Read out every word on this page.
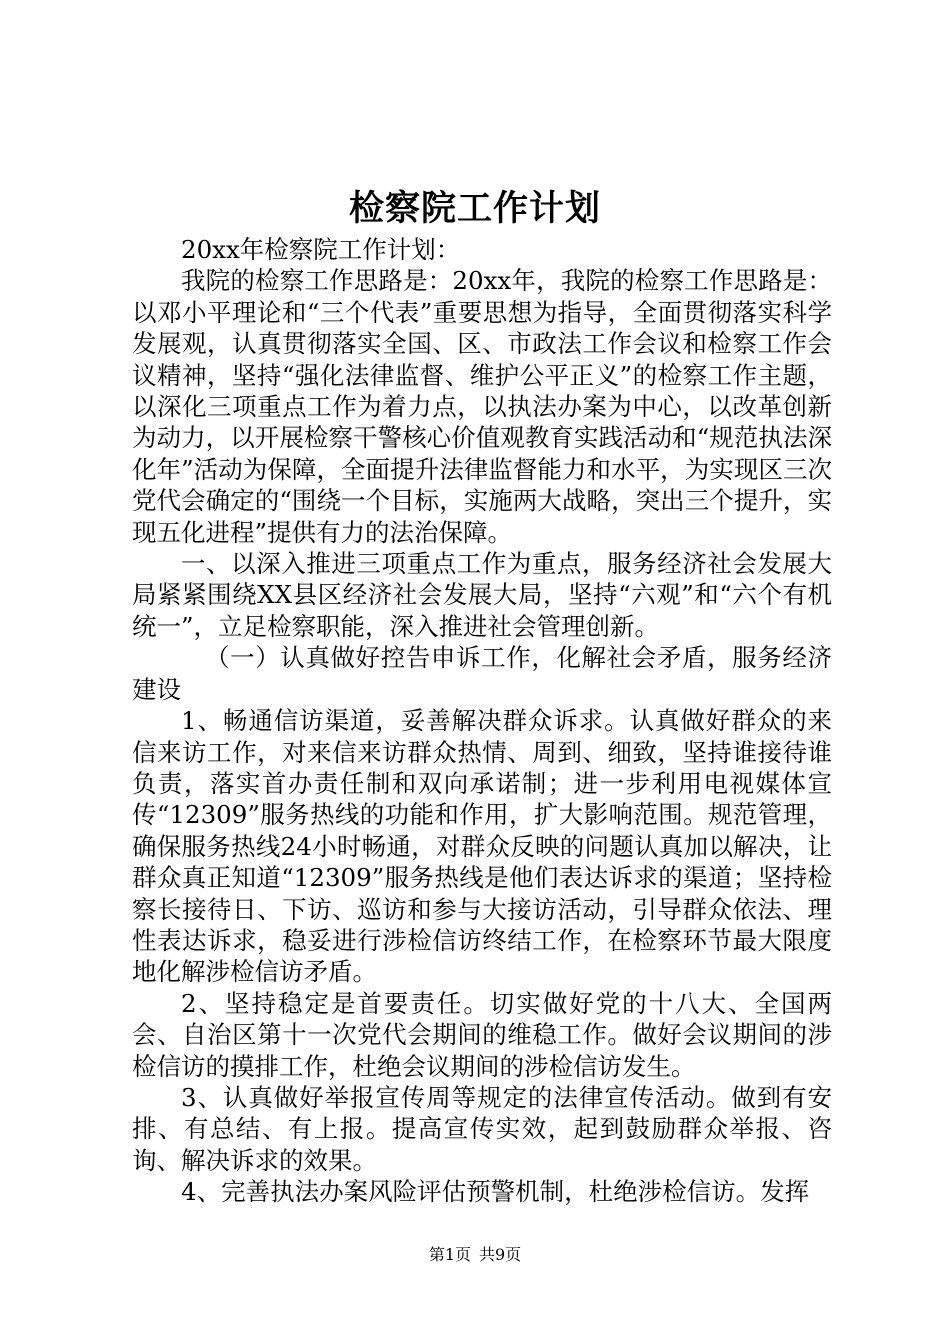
检察院工作计划

20xx年检察院工作计划：

我院的检察工作思路是：20xx年，我院的检察工作思路是：以邓小平理论和“三个代表”重要思想为指导，全面贯彻落实科学发展观，认真贯彻落实全国、区、市政法工作会议和检察工作会议精神，坚持“强化法律监督、维护公平正义”的检察工作主题，以深化三项重点工作为着力点，以执法办案为中心，以改革创新为动力，以开展检察干警核心价值观教育实践活动和“规范执法深化年”活动为保障，全面提升法律监督能力和水平，为实现区三次党代会确定的“围绕一个目标，实施两大战略，突出三个提升，实现五化进程”提供有力的法治保障。

一、以深入推进三项重点工作为重点，服务经济社会发展大局紧紧围绕XX县区经济社会发展大局，坚持“六观”和“六个有机统一”，立足检察职能，深入推进社会管理创新。

（一）认真做好控告申诉工作，化解社会矛盾，服务经济建设

1、畅通信访渠道，妥善解决群众诉求。认真做好群众的来信来访工作，对来信来访群众热情、周到、细致，坚持谁接待谁负责，落实首办责任制和双向承诺制；进一步利用电视媒体宣传“12309”服务热线的功能和作用，扩大影响范围。规范管理，确保服务热线24小时畅通，对群众反映的问题认真加以解决，让群众真正知道“12309”服务热线是他们表达诉求的渠道；坚持检察长接待日、下访、巡访和参与大接访活动，引导群众依法、理性表达诉求，稳妥进行涉检信访终结工作，在检察环节最大限度地化解涉检信访矛盾。

2、坚持稳定是首要责任。切实做好党的十八大、全国两会、自治区第十一次党代会期间的维稳工作。做好会议期间的涉检信访的摸排工作，杜绝会议期间的涉检信访发生。

3、认真做好举报宣传周等规定的法律宣传活动。做到有安排、有总结、有上报。提高宣传实效，起到鼓励群众举报、咨询、解决诉求的效果。

4、完善执法办案风险评估预警机制，杜绝涉检信访。发挥

第1页 共9页
